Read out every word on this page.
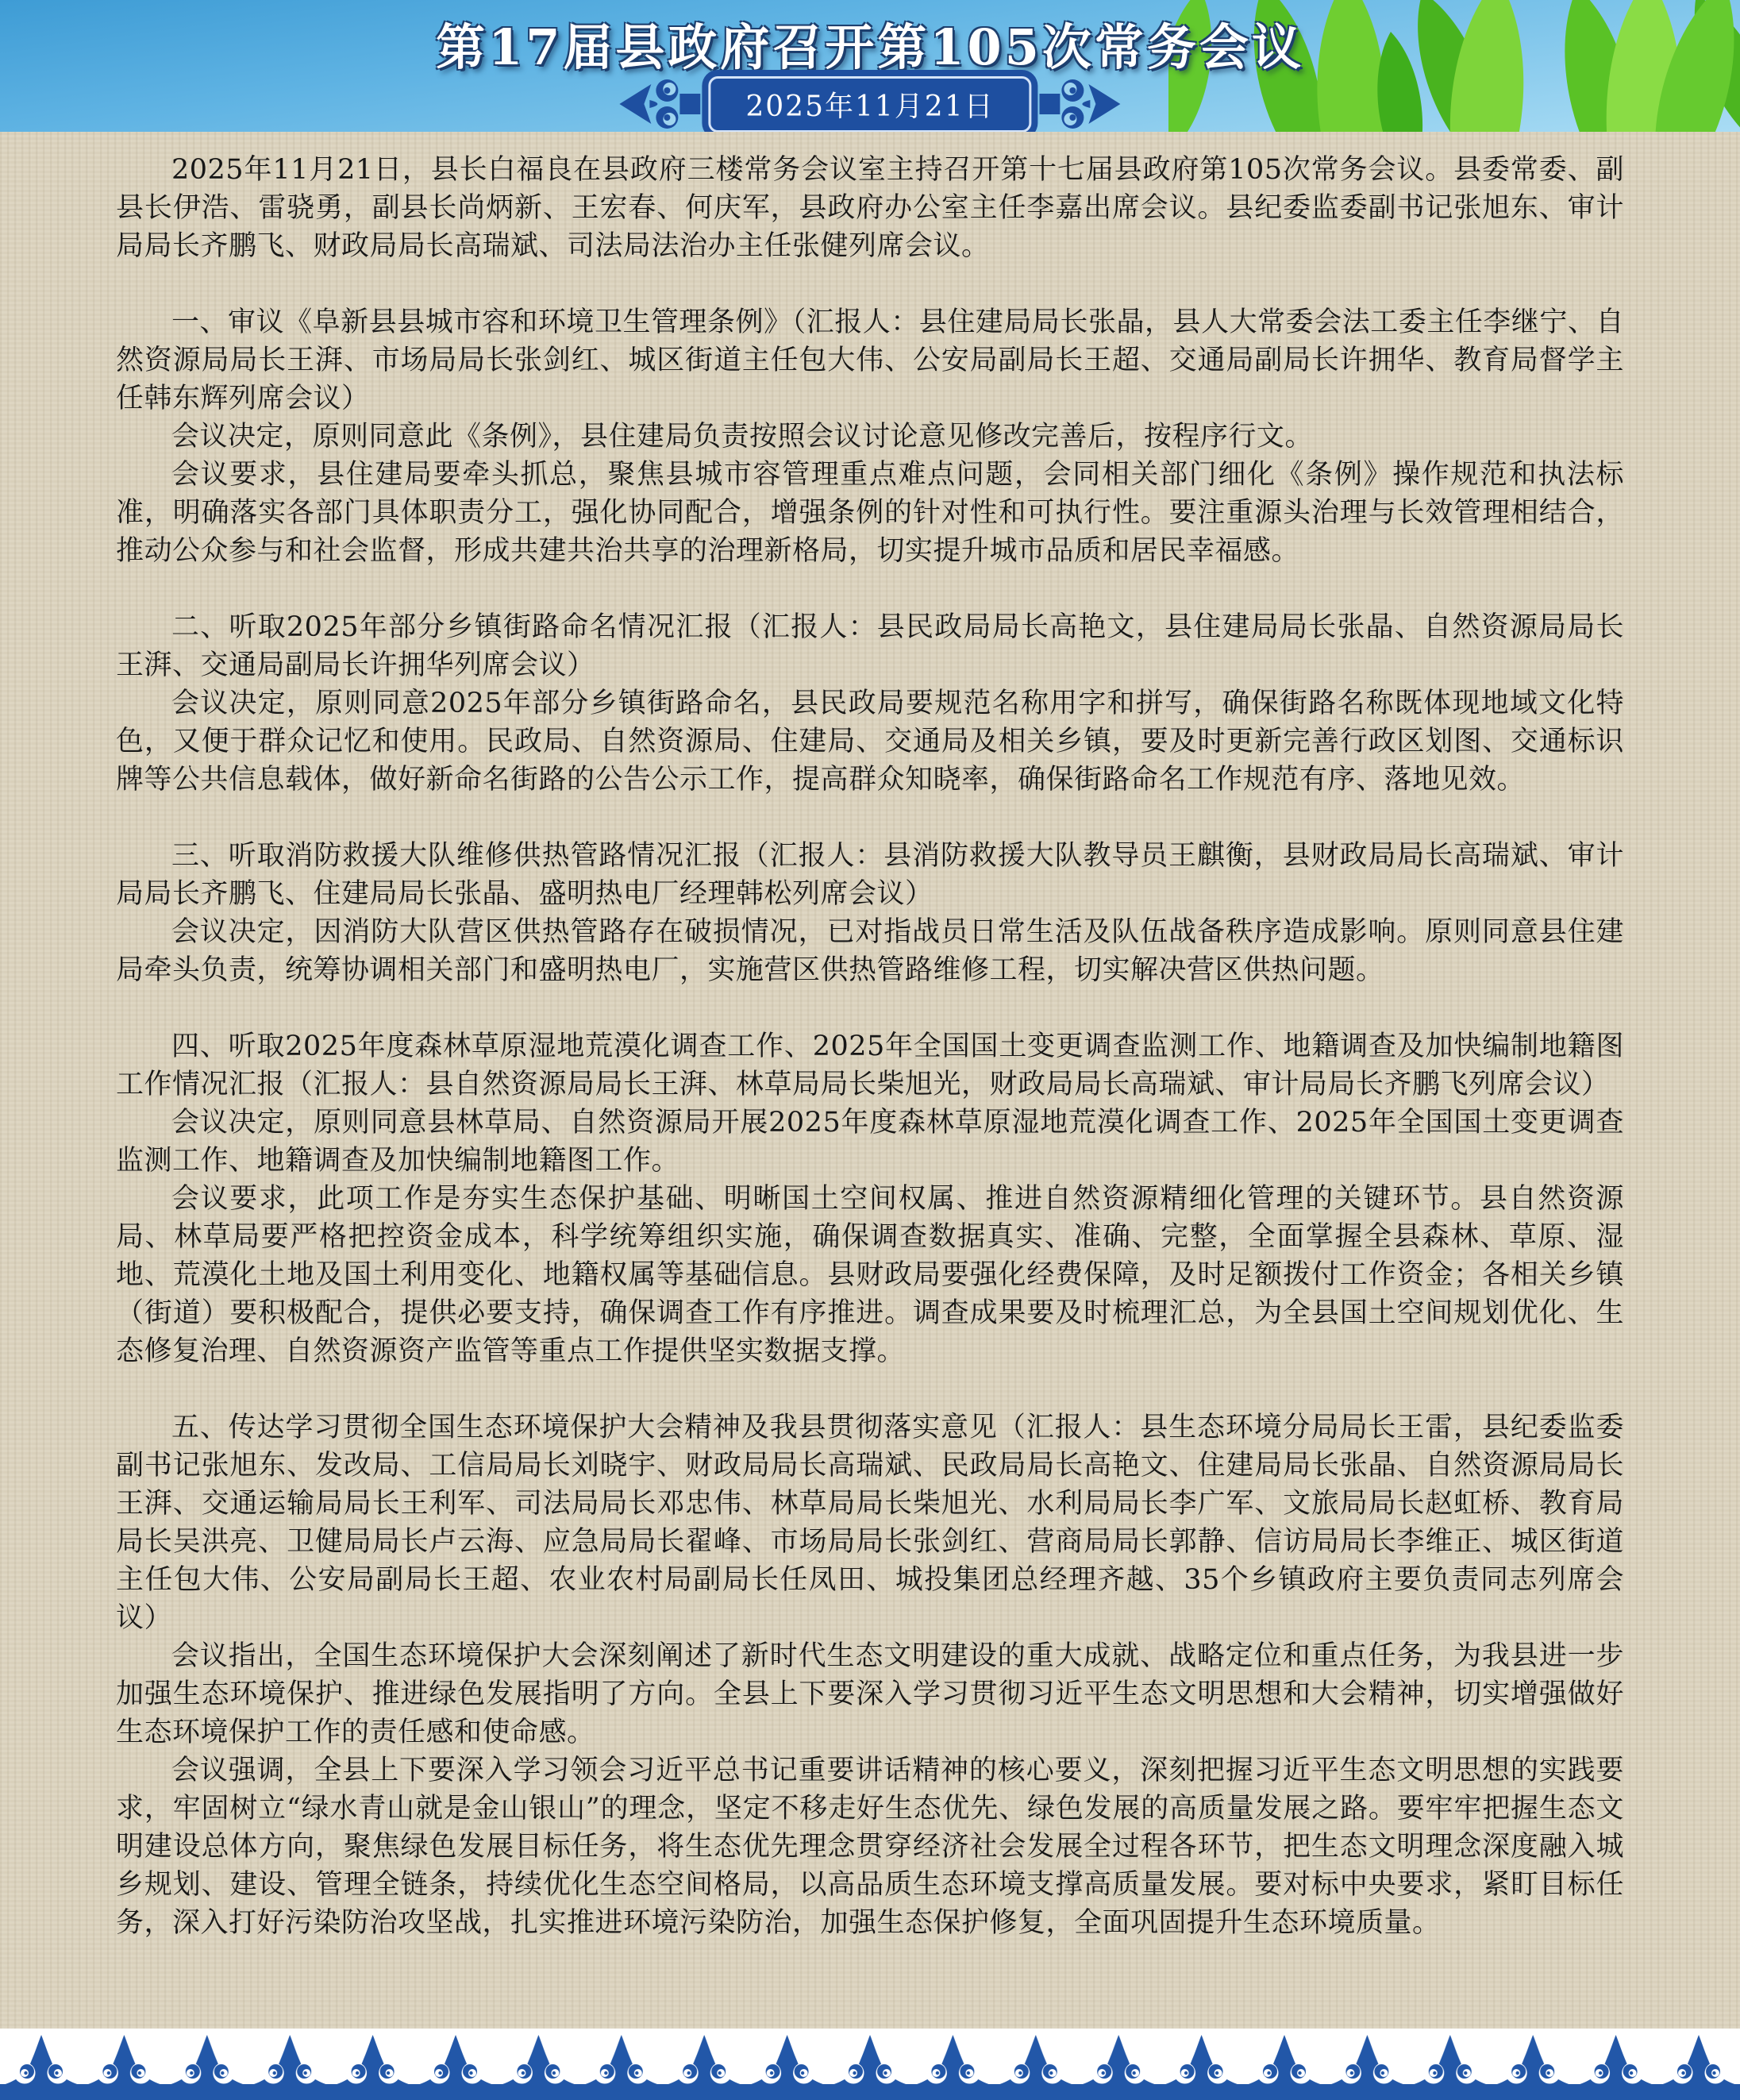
第17届县政府召开第105次常务会议
2025年11月21日

2025年11月21日，县长白福良在县政府三楼常务会议室主持召开第十七届县政府第105次常务会议。县委常委、副县长伊浩、雷骁勇，副县长尚炳新、王宏春、何庆军，县政府办公室主任李嘉出席会议。县纪委监委副书记张旭东、审计局局长齐鹏飞、财政局局长高瑞斌、司法局法治办主任张健列席会议。

一、审议《阜新县县城市容和环境卫生管理条例》（汇报人：县住建局局长张晶，县人大常委会法工委主任李继宁、自然资源局局长王湃、市场局局长张剑红、城区街道主任包大伟、公安局副局长王超、交通局副局长许拥华、教育局督学主任韩东辉列席会议）

会议决定，原则同意此《条例》，县住建局负责按照会议讨论意见修改完善后，按程序行文。

会议要求，县住建局要牵头抓总，聚焦县城市容管理重点难点问题，会同相关部门细化《条例》操作规范和执法标准，明确落实各部门具体职责分工，强化协同配合，增强条例的针对性和可执行性。要注重源头治理与长效管理相结合，推动公众参与和社会监督，形成共建共治共享的治理新格局，切实提升城市品质和居民幸福感。

二、听取2025年部分乡镇街路命名情况汇报（汇报人：县民政局局长高艳文，县住建局局长张晶、自然资源局局长王湃、交通局副局长许拥华列席会议）

会议决定，原则同意2025年部分乡镇街路命名，县民政局要规范名称用字和拼写，确保街路名称既体现地域文化特色，又便于群众记忆和使用。民政局、自然资源局、住建局、交通局及相关乡镇，要及时更新完善行政区划图、交通标识牌等公共信息载体，做好新命名街路的公告公示工作，提高群众知晓率，确保街路命名工作规范有序、落地见效。

三、听取消防救援大队维修供热管路情况汇报（汇报人：县消防救援大队教导员王麒衡，县财政局局长高瑞斌、审计局局长齐鹏飞、住建局局长张晶、盛明热电厂经理韩松列席会议）

会议决定，因消防大队营区供热管路存在破损情况，已对指战员日常生活及队伍战备秩序造成影响。原则同意县住建局牵头负责，统筹协调相关部门和盛明热电厂，实施营区供热管路维修工程，切实解决营区供热问题。

四、听取2025年度森林草原湿地荒漠化调查工作、2025年全国国土变更调查监测工作、地籍调查及加快编制地籍图工作情况汇报（汇报人：县自然资源局局长王湃、林草局局长柴旭光，财政局局长高瑞斌、审计局局长齐鹏飞列席会议）

会议决定，原则同意县林草局、自然资源局开展2025年度森林草原湿地荒漠化调查工作、2025年全国国土变更调查监测工作、地籍调查及加快编制地籍图工作。

会议要求，此项工作是夯实生态保护基础、明晰国土空间权属、推进自然资源精细化管理的关键环节。县自然资源局、林草局要严格把控资金成本，科学统筹组织实施，确保调查数据真实、准确、完整，全面掌握全县森林、草原、湿地、荒漠化土地及国土利用变化、地籍权属等基础信息。县财政局要强化经费保障，及时足额拨付工作资金；各相关乡镇（街道）要积极配合，提供必要支持，确保调查工作有序推进。调查成果要及时梳理汇总，为全县国土空间规划优化、生态修复治理、自然资源资产监管等重点工作提供坚实数据支撑。

五、传达学习贯彻全国生态环境保护大会精神及我县贯彻落实意见（汇报人：县生态环境分局局长王雷，县纪委监委副书记张旭东、发改局、工信局局长刘晓宇、财政局局长高瑞斌、民政局局长高艳文、住建局局长张晶、自然资源局局长王湃、交通运输局局长王利军、司法局局长邓忠伟、林草局局长柴旭光、水利局局长李广军、文旅局局长赵虹桥、教育局局长吴洪亮、卫健局局长卢云海、应急局局长翟峰、市场局局长张剑红、营商局局长郭静、信访局局长李维正、城区街道主任包大伟、公安局副局长王超、农业农村局副局长任凤田、城投集团总经理齐越、35个乡镇政府主要负责同志列席会议）

会议指出，全国生态环境保护大会深刻阐述了新时代生态文明建设的重大成就、战略定位和重点任务，为我县进一步加强生态环境保护、推进绿色发展指明了方向。全县上下要深入学习贯彻习近平生态文明思想和大会精神，切实增强做好生态环境保护工作的责任感和使命感。

会议强调，全县上下要深入学习领会习近平总书记重要讲话精神的核心要义，深刻把握习近平生态文明思想的实践要求，牢固树立“绿水青山就是金山银山”的理念，坚定不移走好生态优先、绿色发展的高质量发展之路。要牢牢把握生态文明建设总体方向，聚焦绿色发展目标任务，将生态优先理念贯穿经济社会发展全过程各环节，把生态文明理念深度融入城乡规划、建设、管理全链条，持续优化生态空间格局，以高品质生态环境支撑高质量发展。要对标中央要求，紧盯目标任务，深入打好污染防治攻坚战，扎实推进环境污染防治，加强生态保护修复，全面巩固提升生态环境质量。
